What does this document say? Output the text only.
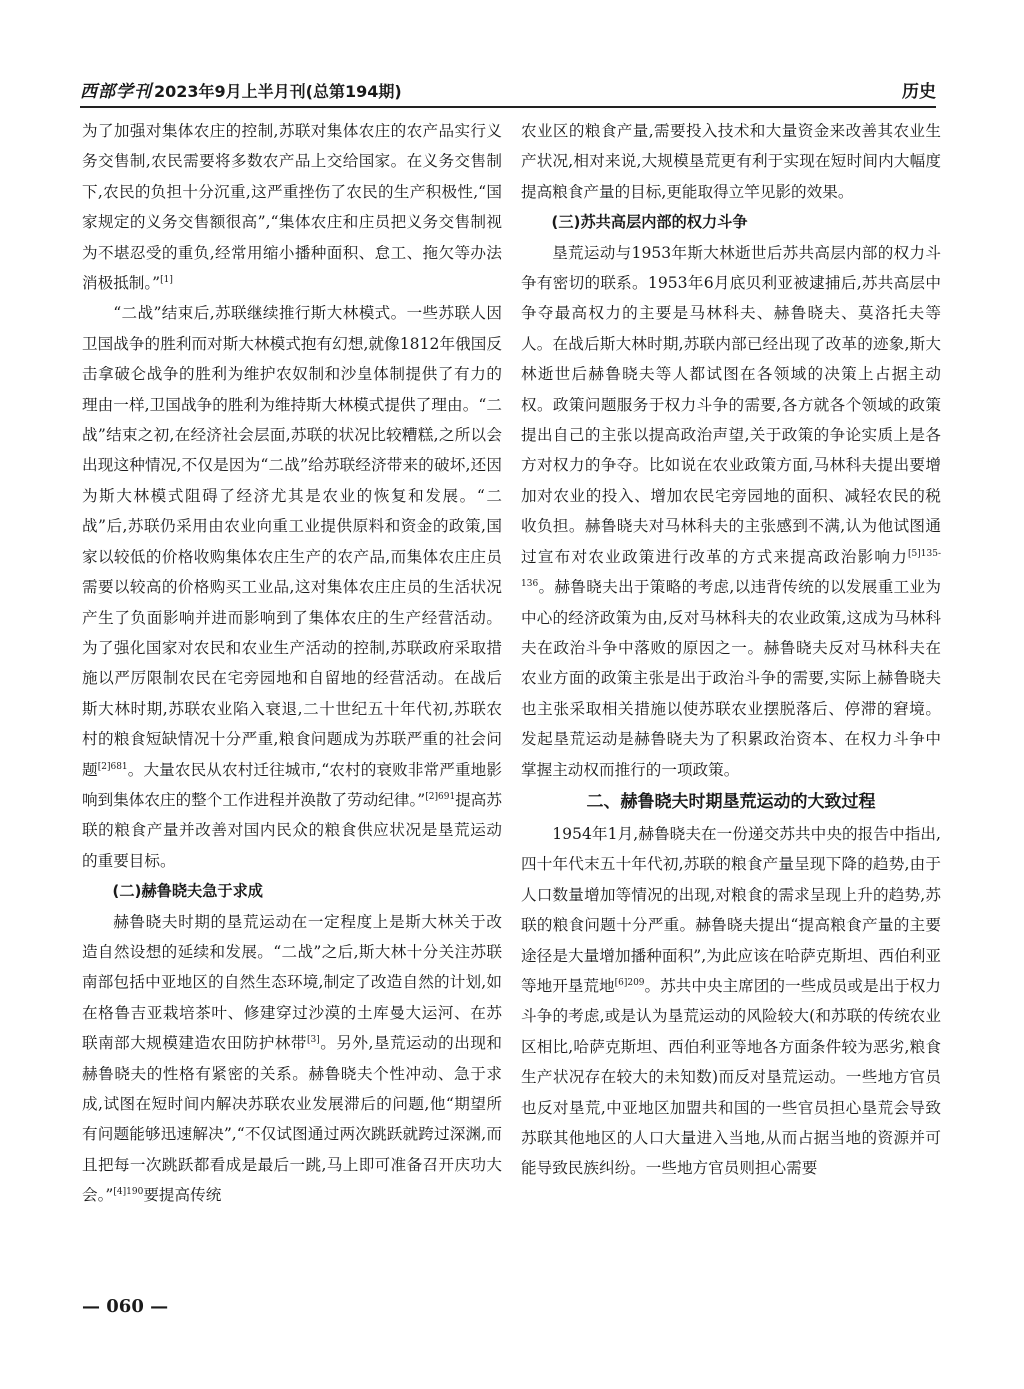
西部学刊 2023年9月上半月刊(总第194期)	历史

为了加强对集体农庄的控制,苏联对集体农庄的农产品实行义务交售制,农民需要将多数农产品上交给国家。在义务交售制下,农民的负担十分沉重,这严重挫伤了农民的生产积极性,“国家规定的义务交售额很高”,“集体农庄和庄员把义务交售制视为不堪忍受的重负,经常用缩小播种面积、怠工、拖欠等办法消极抵制。”[1]

“二战”结束后,苏联继续推行斯大林模式。一些苏联人因卫国战争的胜利而对斯大林模式抱有幻想,就像1812年俄国反击拿破仑战争的胜利为维护农奴制和沙皇体制提供了有力的理由一样,卫国战争的胜利为维持斯大林模式提供了理由。“二战”结束之初,在经济社会层面,苏联的状况比较糟糕,之所以会出现这种情况,不仅是因为“二战”给苏联经济带来的破坏,还因为斯大林模式阻碍了经济尤其是农业的恢复和发展。“二战”后,苏联仍采用由农业向重工业提供原料和资金的政策,国家以较低的价格收购集体农庄生产的农产品,而集体农庄庄员需要以较高的价格购买工业品,这对集体农庄庄员的生活状况产生了负面影响并进而影响到了集体农庄的生产经营活动。为了强化国家对农民和农业生产活动的控制,苏联政府采取措施以严厉限制农民在宅旁园地和自留地的经营活动。在战后斯大林时期,苏联农业陷入衰退,二十世纪五十年代初,苏联农村的粮食短缺情况十分严重,粮食问题成为苏联严重的社会问题$^{[2]681}$。大量农民从农村迁往城市,“农村的衰败非常严重地影响到集体农庄的整个工作进程并涣散了劳动纪律。”$^{[2]691}$提高苏联的粮食产量并改善对国内民众的粮食供应状况是垦荒运动的重要目标。

(二)赫鲁晓夫急于求成

赫鲁晓夫时期的垦荒运动在一定程度上是斯大林关于改造自然设想的延续和发展。“二战”之后,斯大林十分关注苏联南部包括中亚地区的自然生态环境,制定了改造自然的计划,如在格鲁吉亚栽培茶叶、修建穿过沙漠的土库曼大运河、在苏联南部大规模建造农田防护林带[3]。另外,垦荒运动的出现和赫鲁晓夫的性格有紧密的关系。赫鲁晓夫个性冲动、急于求成,试图在短时间内解决苏联农业发展滞后的问题,他“期望所有问题能够迅速解决”,“不仅试图通过两次跳跃就跨过深渊,而且把每一次跳跃都看成是最后一跳,马上即可准备召开庆功大会。”$^{[4]190}$要提高传统

农业区的粮食产量,需要投入技术和大量资金来改善其农业生产状况,相对来说,大规模垦荒更有利于实现在短时间内大幅度提高粮食产量的目标,更能取得立竿见影的效果。

(三)苏共高层内部的权力斗争

垦荒运动与1953年斯大林逝世后苏共高层内部的权力斗争有密切的联系。1953年6月底贝利亚被逮捕后,苏共高层中争夺最高权力的主要是马林科夫、赫鲁晓夫、莫洛托夫等人。在战后斯大林时期,苏联内部已经出现了改革的迹象,斯大林逝世后赫鲁晓夫等人都试图在各领域的决策上占据主动权。政策问题服务于权力斗争的需要,各方就各个领域的政策提出自己的主张以提高政治声望,关于政策的争论实质上是各方对权力的争夺。比如说在农业政策方面,马林科夫提出要增加对农业的投入、增加农民宅旁园地的面积、减轻农民的税收负担。赫鲁晓夫对马林科夫的主张感到不满,认为他试图通过宣布对农业政策进行改革的方式来提高政治影响力$^{[5]135-136}$。赫鲁晓夫出于策略的考虑,以违背传统的以发展重工业为中心的经济政策为由,反对马林科夫的农业政策,这成为马林科夫在政治斗争中落败的原因之一。赫鲁晓夫反对马林科夫在农业方面的政策主张是出于政治斗争的需要,实际上赫鲁晓夫也主张采取相关措施以使苏联农业摆脱落后、停滞的窘境。发起垦荒运动是赫鲁晓夫为了积累政治资本、在权力斗争中掌握主动权而推行的一项政策。

二、赫鲁晓夫时期垦荒运动的大致过程

1954年1月,赫鲁晓夫在一份递交苏共中央的报告中指出,四十年代末五十年代初,苏联的粮食产量呈现下降的趋势,由于人口数量增加等情况的出现,对粮食的需求呈现上升的趋势,苏联的粮食问题十分严重。赫鲁晓夫提出“提高粮食产量的主要途径是大量增加播种面积”,为此应该在哈萨克斯坦、西伯利亚等地开垦荒地$^{[6]209}$。苏共中央主席团的一些成员或是出于权力斗争的考虑,或是认为垦荒运动的风险较大(和苏联的传统农业区相比,哈萨克斯坦、西伯利亚等地各方面条件较为恶劣,粮食生产状况存在较大的未知数)而反对垦荒运动。一些地方官员也反对垦荒,中亚地区加盟共和国的一些官员担心垦荒会导致苏联其他地区的人口大量进入当地,从而占据当地的资源并可能导致民族纠纷。一些地方官员则担心需要

— 060 —
